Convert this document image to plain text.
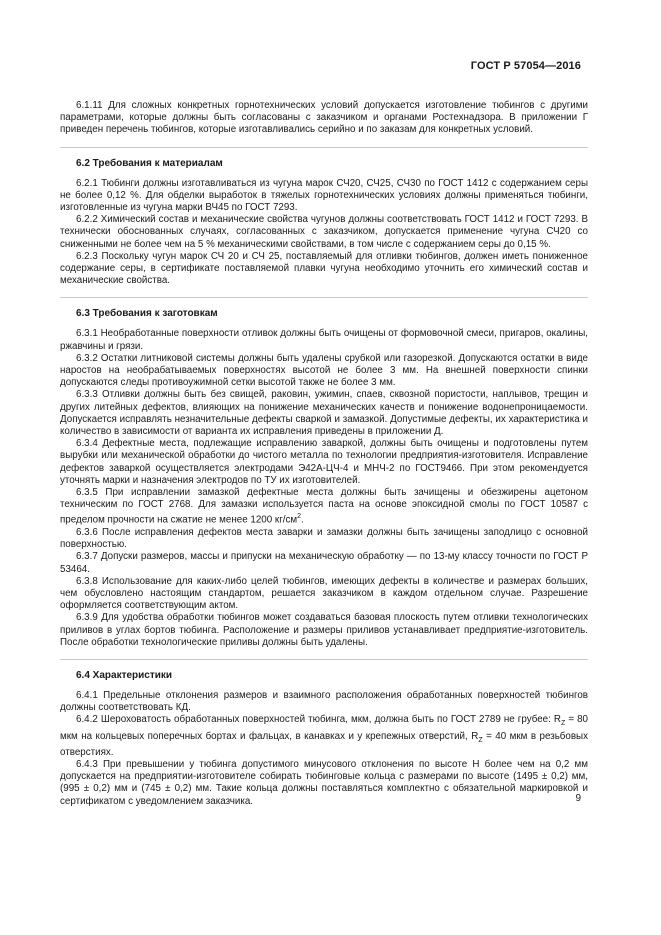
ГОСТ Р 57054—2016

6.1.11 Для сложных конкретных горнотехнических условий допускается изготовление тюбингов с другими параметрами, которые должны быть согласованы с заказчиком и органами Ростехнадзора. В приложении Г приведен перечень тюбингов, которые изготавливались серийно и по заказам для конкретных условий.

6.2 Требования к материалам

6.2.1 Тюбинги должны изготавливаться из чугуна марок СЧ20, СЧ25, СЧ30 по ГОСТ 1412 с содержанием серы не более 0,12 %. Для обделки выработок в тяжелых горнотехнических условиях должны применяться тюбинги, изготовленные из чугуна марки ВЧ45 по ГОСТ 7293.

6.2.2 Химический состав и механические свойства чугунов должны соответствовать ГОСТ 1412 и ГОСТ 7293. В технически обоснованных случаях, согласованных с заказчиком, допускается применение чугуна СЧ20 со сниженными не более чем на 5 % механическими свойствами, в том числе с содержанием серы до 0,15 %.

6.2.3 Поскольку чугун марок СЧ 20 и СЧ 25, поставляемый для отливки тюбингов, должен иметь пониженное содержание серы, в сертификате поставляемой плавки чугуна необходимо уточнить его химический состав и механические свойства.

6.3 Требования к заготовкам

6.3.1 Необработанные поверхности отливок должны быть очищены от формовочной смеси, пригаров, окалины, ржавчины и грязи.

6.3.2 Остатки литниковой системы должны быть удалены срубкой или газорезкой. Допускаются остатки в виде наростов на необрабатываемых поверхностях высотой не более 3 мм. На внешней поверхности спинки допускаются следы противоужимной сетки высотой также не более 3 мм.

6.3.3 Отливки должны быть без свищей, раковин, ужимин, спаев, сквозной пористости, наплывов, трещин и других литейных дефектов, влияющих на понижение механических качеств и понижение водонепроницаемости. Допускается исправлять незначительные дефекты сваркой и замазкой. Допустимые дефекты, их характеристика и количество в зависимости от варианта их исправления приведены в приложении Д.

6.3.4 Дефектные места, подлежащие исправлению заваркой, должны быть очищены и подготовлены путем вырубки или механической обработки до чистого металла по технологии предприятия-изготовителя. Исправление дефектов заваркой осуществляется электродами Э42А-ЦЧ-4 и МНЧ-2 по ГОСТ9466. При этом рекомендуется уточнять марки и назначения электродов по ТУ их изготовителей.

6.3.5 При исправлении замазкой дефектные места должны быть зачищены и обезжирены ацетоном техническим по ГОСТ 2768. Для замазки используется паста на основе эпоксидной смолы по ГОСТ 10587 с пределом прочности на сжатие не менее 1200 $кг/см^2$.

6.3.6 После исправления дефектов места заварки и замазки должны быть зачищены заподлицо с основной поверхностью.

6.3.7 Допуски размеров, массы и припуски на механическую обработку — по 13-му классу точности по ГОСТ Р 53464.

6.3.8 Использование для каких-либо целей тюбингов, имеющих дефекты в количестве и размерах больших, чем обусловлено настоящим стандартом, решается заказчиком в каждом отдельном случае. Разрешение оформляется соответствующим актом.

6.3.9 Для удобства обработки тюбингов может создаваться базовая плоскость путем отливки технологических приливов в углах бортов тюбинга. Расположение и размеры приливов устанавливает предприятие-изготовитель. После обработки технологические приливы должны быть удалены.

6.4 Характеристики

6.4.1 Предельные отклонения размеров и взаимного расположения обработанных поверхностей тюбингов должны соответствовать КД.

6.4.2 Шероховатость обработанных поверхностей тюбинга, мкм, должна быть по ГОСТ 2789 не грубее: $R_Z = 80$ мкм на кольцевых поперечных бортах и фальцах, в канавках и у крепежных отверстий, $R_Z = 40$ мкм в резьбовых отверстиях.

6.4.3 При превышении у тюбинга допустимого минусового отклонения по высоте Н более чем на 0,2 мм допускается на предприятии-изготовителе собирать тюбинговые кольца с размерами по высоте (1495 ± 0,2) мм, (995 ± 0,2) мм и (745 ± 0,2) мм. Такие кольца должны поставляться комплектно с обязательной маркировкой и сертификатом с уведомлением заказчика.	9
